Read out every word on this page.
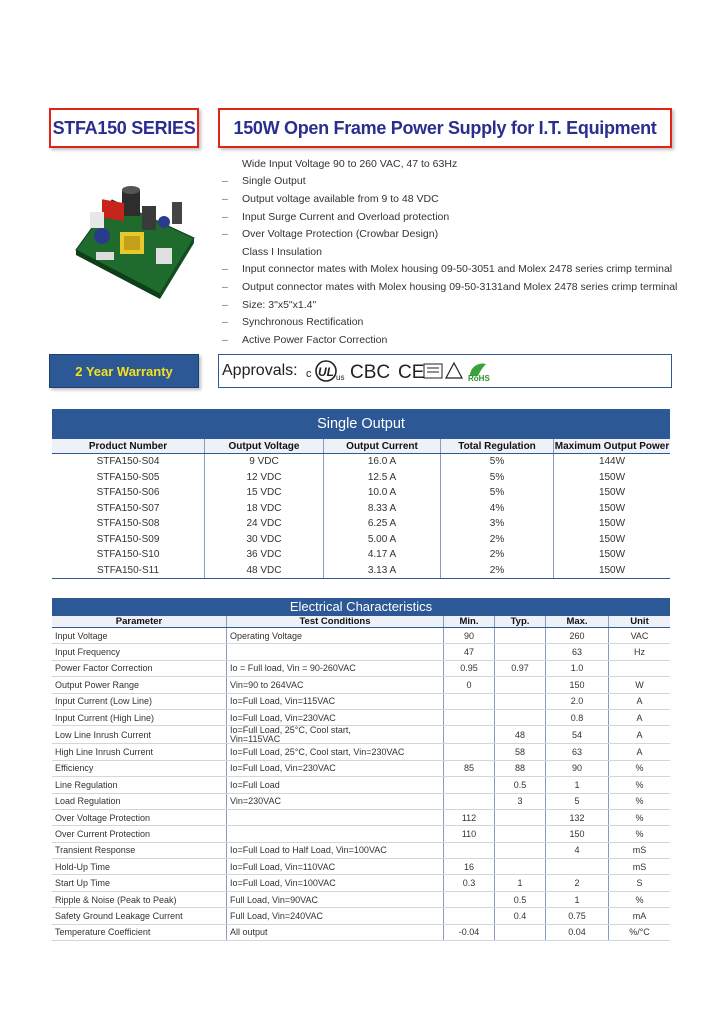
STFA150 SERIES 150W Open Frame Power Supply for I.T. Equipment
Wide Input Voltage 90 to 260 VAC, 47 to 63Hz
–	Single Output
–	Output voltage available from 9 to 48 VDC
–	Input Surge Current and Overload protection
–	Over Voltage Protection (Crowbar Design)
Class I Insulation
–	Input connector mates with Molex housing 09-50-3051 and Molex 2478 series crimp terminal
–	Output connector mates with Molex housing 09-50-3131and Molex 2478 series crimp terminal
–	Size: 3"x5"x1.4"
–	Synchronous Rectification
–	Active Power Factor Correction
2 Year Warranty	Approvals: c UL us CBC CE	RoHS
Single Output
Product Number	Output Voltage	Output Current	Total Regulation	Maximum Output Power
STFA150-S04	9 VDC	16.0 A	5%	144W
STFA150-S05	12 VDC	12.5 A	5%	150W
STFA150-S06	15 VDC	10.0 A	5%	150W
STFA150-S07	18 VDC	8.33 A	4%	150W
STFA150-S08	24 VDC	6.25 A	3%	150W
STFA150-S09	30 VDC	5.00 A	2%	150W
STFA150-S10	36 VDC	4.17 A	2%	150W
STFA150-S11	48 VDC	3.13 A	2%	150W
Electrical Characteristics
Parameter	Test Conditions	Min.	Typ.	Max.	Unit
Input Voltage	Operating Voltage	90		260	VAC
Input Frequency		47		63	Hz
Power Factor Correction	Io = Full load, Vin = 90-260VAC	0.95	0.97	1.0	
Output Power Range	Vin=90 to 264VAC	0		150	W
Input Current (Low Line)	Io=Full Load, Vin=115VAC			2.0	A
Input Current (High Line)	Io=Full Load, Vin=230VAC			0.8	A
Low Line Inrush Current	Io=Full Load, 25°C, Cool start,
Vin=115VAC		48	54	A
High Line Inrush Current	Io=Full Load, 25°C, Cool start, Vin=230VAC		58	63	A
Efficiency	Io=Full Load, Vin=230VAC	85	88	90	%
Line Regulation	Io=Full Load		0.5	1	%
Load Regulation	Vin=230VAC		3	5	%
Over Voltage Protection		112		132	%
Over Current Protection		110		150	%
Transient Response	Io=Full Load to Half Load, Vin=100VAC			4	mS
Hold-Up Time	Io=Full Load, Vin=110VAC	16			mS
Start Up Time	Io=Full Load, Vin=100VAC	0.3	1	2	S
Ripple & Noise (Peak to Peak)	Full Load, Vin=90VAC		0.5	1	%
Safety Ground Leakage Current	Full Load, Vin=240VAC		0.4	0.75	mA
Temperature Coefficient	All output	-0.04		0.04	%/°C
